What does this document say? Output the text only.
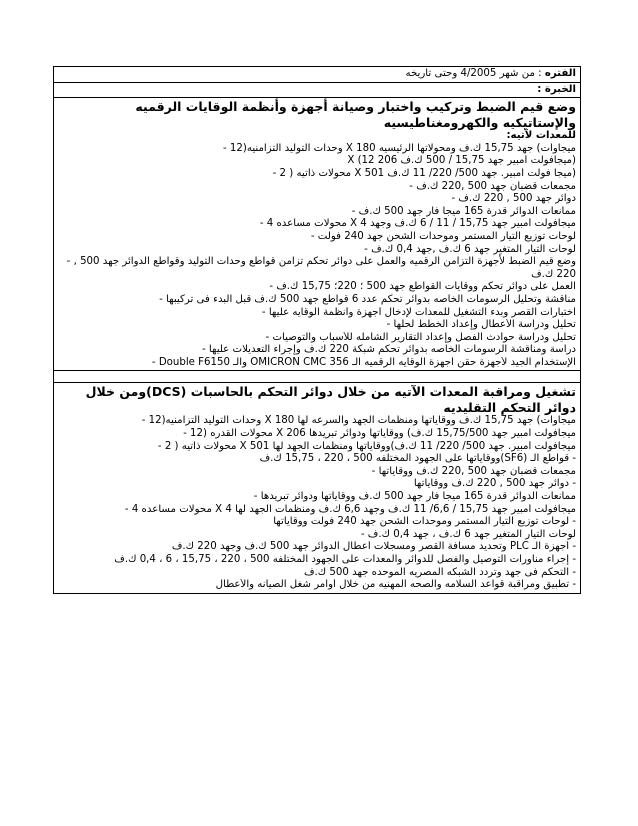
الفتره : من شهر 4/2005 وحتى تاريخه
الخبرة :

وضع قيم الضبط وتركيب واختبار وصيانة أجهزة وأنظمة الوقايات الرقميه والإستاتيكيه والكهرومغناطيسيه
للمعدات لآتيه:
ميجاوات) جهد 15,75 ك.ف ومحولاتها الرئيسيه 180 X وحدات التوليد التزامنيه(12 -
(ميجافولت أمبير جهد 15,75 / 500 ك.ف 206 X (12
(ميجا فولت أمبير. جهد 500/ 220/ 11 ك.ف 501 X محولات ذاتيه ( 2 -
مجمعات قضبان جهد 500 ,220 ك.ف -
دوائر جهد 500 , 220 ك.ف -
ممانعات الدوائر قدرة 165 ميجا فار جهد 500 ك.ف -
ميجافولت أمبير جهد 15,75 / 11 / 6 ك.ف وجهد 4 X محولات مساعده 4 -
لوحات توزيع التيار المستمر وموحدات الشحن جهد 240 فولت -
لوحات التيار المتغير جهد 6 ك.ف ,جهد 0,4 ك.ف -
وضع قيم الضبط لأجهزة التزامن الرقميه والعمل على دوائر تحكم تزامن قواطع وحدات التوليد وقواطع الدوائر جهد 500 , - 220 ك.ف
العمل على دوائر تحكم ووقايات القواطع جهد 500 ؛ 220؛ 15,75 ك.ف -
مناقشة وتحليل الرسومات الخاصه بدوائر تحكم عدد 6 قواطع جهد 500 ك.ف قبل البدء فى تركيبها -
اختبارات القصر وبدء التشغيل للمعدات لإدخال أجهزة وأنظمة الوقايه عليها -
تحليل ودراسة الأعطال وإعداد الخطط لحلها -
تحليل ودراسة حوادث الفصل وإعداد التقارير الشامله للأسباب والتوصيات -
دراسة ومناقشة الرسومات الخاصه بدوائر تحكم شبكة 220 ك.ف وإجراء التعديلات عليها -
الإستخدام الجيد لأجهزة حقن أجهزة الوقايه الرقميه الـ OMICRON CMC 356 والـ Double F6150 -

تشغيل ومراقبة المعدات الآتيه من خلال دوائر التحكم بالحاسبات (DCS)ومن خلال دوائر التحكم التقليديه
ميجاوات) جهد 15,75 ك.ف ووقاياتها ومنظمات الجهد والسرعه لها 180 X وحدات التوليد التزامنيه(12 -
ميجافولت أمبير جهد 15,75/500 ك.ف) ووقاياتها ودوائر تبريدها 206 X محولات القدره (12 -
ميجافولت أمبير. جهد 500/ 220/ 11 ك.ف)ووقاياتها ومنظمات الجهد لها 501 X محولات ذاتيه ( 2 -
- قواطع الـ (SF6)ووقاياتها على الجهود المختلفه 500 ، 220 ، 15,75 ك.ف
مجمعات قضبان جهد 500 ,220 ك.ف ووقاياتها -
- دوائر جهد 500 , 220 ك.ف ووقاياتها
ممانعات الدوائر قدرة 165 ميجا فار جهد 500 ك.ف ووقاياتها ودوائر تبريدها -
ميجافولت أمبير جهد 15,75 / 6,6/ 11 ك.ف وجهد 6,6 ك.ف ومنظمات الجهد لها 4 X محولات مساعده 4 -
- لوحات توزيع التيار المستمر وموحدات الشحن جهد 240 فولت ووقاياتها
لوحات التيار المتغير جهد 6 ك.ف ، جهد 0,4 ك.ف -
- أجهزة الـ PLC وتحديد مسافة القصر ومسجلات أعطال الدوائر جهد 500 ك.ف وجهد 220 ك.ف
- إجراء مناورات التوصيل والفصل للدوائر والمعدات على الجهود المختلفه 500 ، 220 ، 15,75 ، 6 ، 0,4 ك.ف
- التحكم فى جهد وتردد الشبكه المصريه الموحده جهد 500 ك.ف
- تطبيق ومراقبة قواعد السلامه والصحه المهنيه من خلال أوامر شغل الصيانه والأعطال
